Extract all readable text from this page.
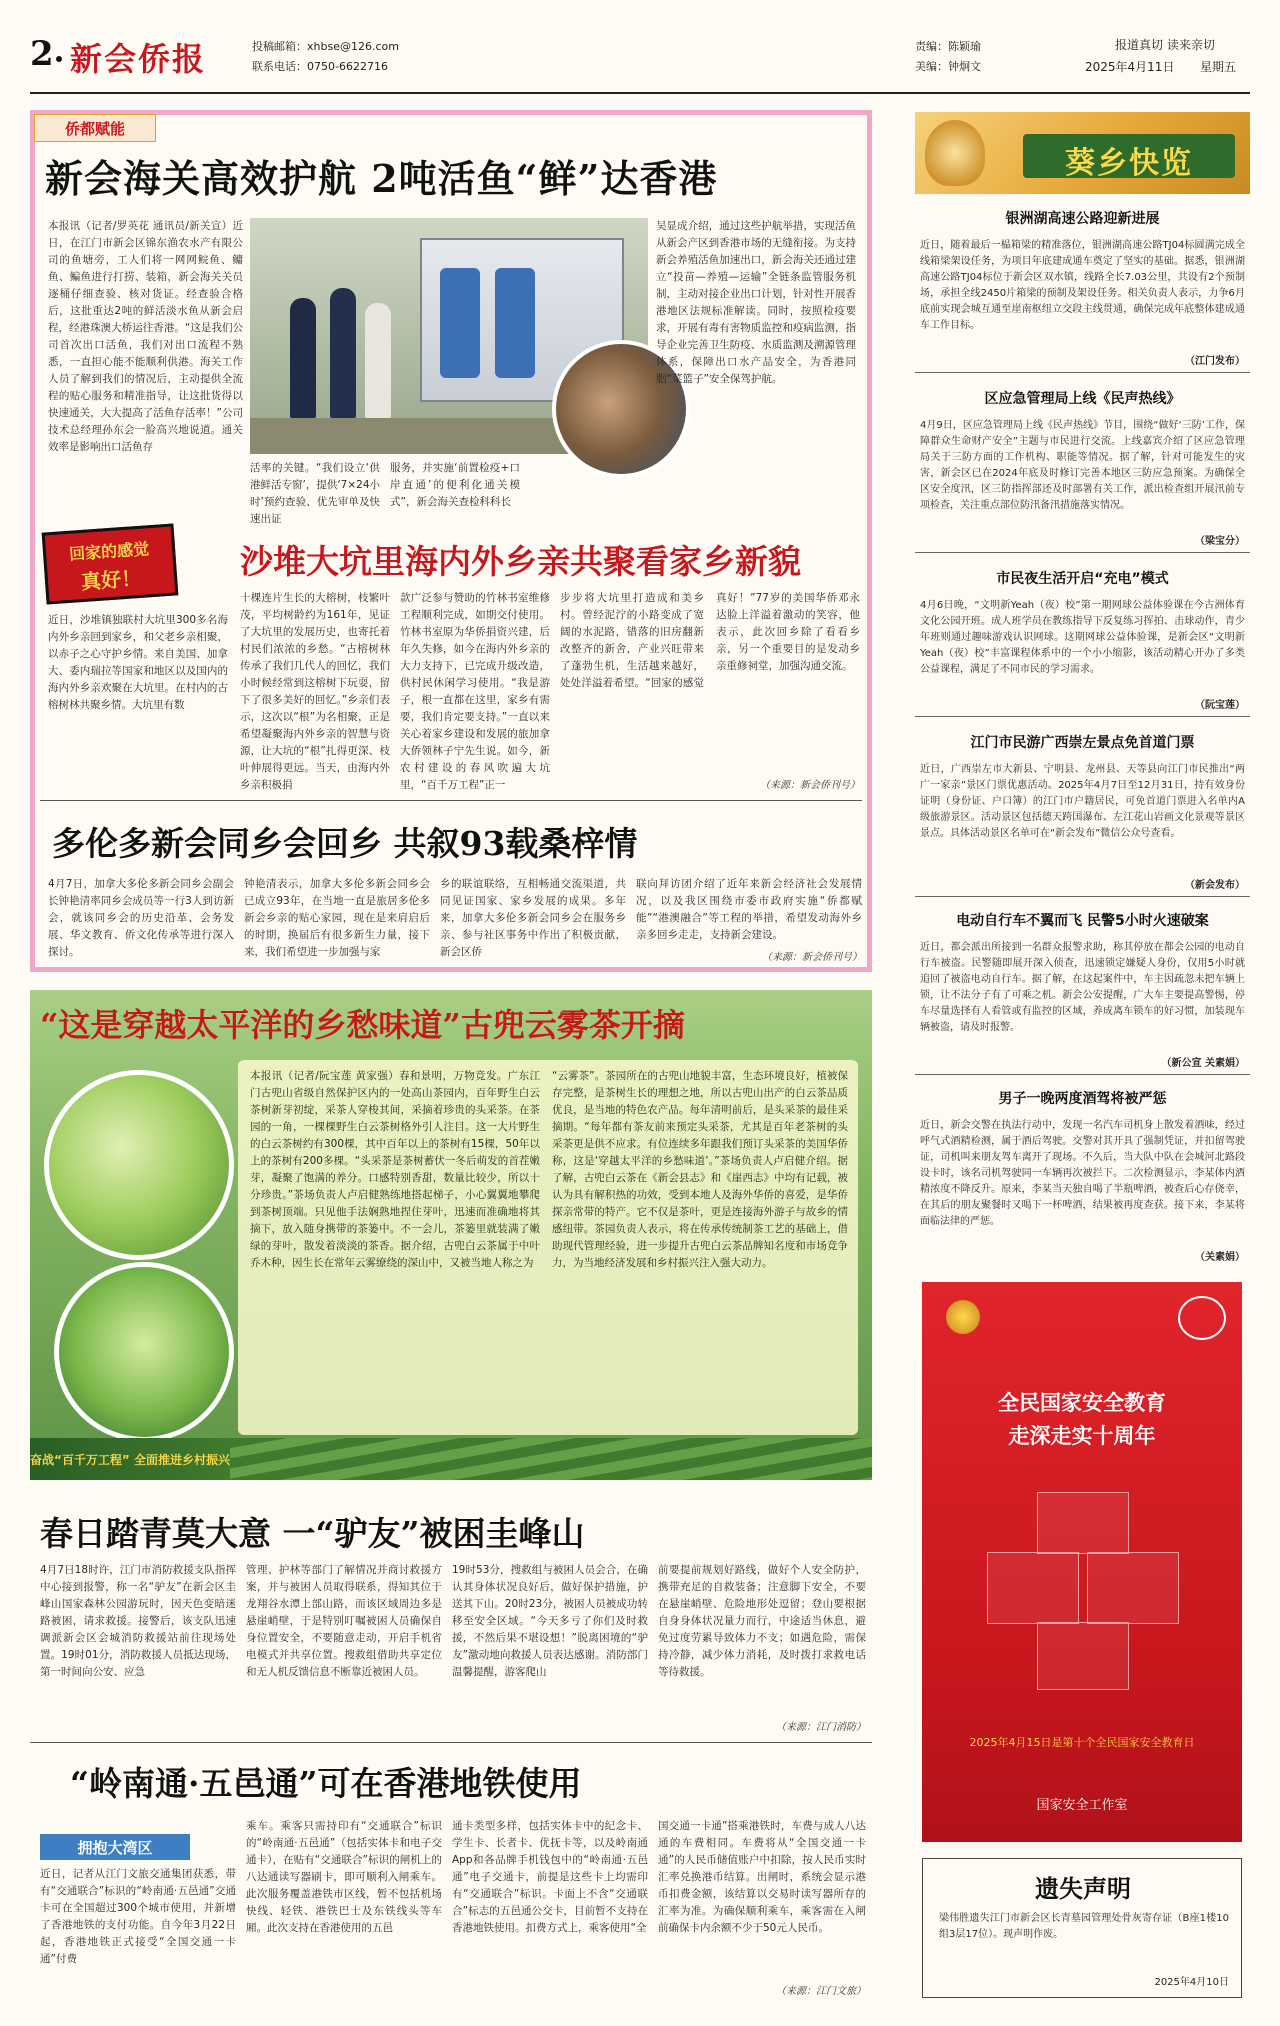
2 新会侨报	投稿邮箱：xhbse@126.com
联系电话：0750-6622716
责编：陈颖瑜
美编：钟炯文
报道真切 读来亲切
2025年4月11日 星期五
侨都赋能
新会海关高效护航 2吨活鱼“鲜”达香港
本报讯（记者/罗英花 通讯员/新关宣）近日，在江门市新会区锦东渔农水产有限公司的鱼塘旁，工人们将一网网鲩鱼、鳙鱼、鳊鱼进行打捞、装箱，新会海关关员逐桶仔细查验、核对货证。经查验合格后，这批重达2吨的鲜活淡水鱼从新会启程，经港珠澳大桥运往香港。“这是我们公司首次出口活鱼，我们对出口流程不熟悉，一直担心能不能顺利供港。海关工作人员了解到我们的情况后，主动提供全流程的贴心服务和精准指导，让这批货得以快速通关，大大提高了活鱼存活率！”公司技术总经理孙东会一脸高兴地说道。通关效率是影响出口活鱼存
活率的关键。“我们设立‘供港鲜活专窗’，提供‘7×24小时’预约查验、优先审单及快速出证
服务，并实施‘前置检疫+口岸直通’的便利化通关模式”，新会海关查检科科长
吴显成介绍，通过这些护航举措，实现活鱼从新会产区到香港市场的无缝衔接。为支持新会养殖活鱼加速出口，新会海关还通过建立“投苗—养殖—运输”全链条监管服务机制，主动对接企业出口计划，针对性开展香港地区法规标准解读。同时，按照检疫要求，开展有毒有害物质监控和疫病监测，指导企业完善卫生防疫、水质监测及溯源管理体系，保障出口水产品安全，为香港同胞“菜篮子”安全保驾护航。
回家的感觉
真好！	沙堆大坑里海内外乡亲共聚看家乡新貌
近日，沙堆镇独联村大坑里300多名海内外乡亲回到家乡，和父老乡亲相聚，以赤子之心守护乡情。来自美国、加拿大、委内瑞拉等国家和地区以及国内的海内外乡亲欢聚在大坑里。在村内的古榕树林共聚乡情。大坑里有数
十棵连片生长的大榕树，枝繁叶茂，平均树龄约为161年，见证了大坑里的发展历史，也寄托着村民们浓浓的乡愁。“古榕树林传承了我们几代人的回忆，我们小时候经常到这榕树下玩耍，留下了很多美好的回忆。”乡亲们表示，这次以“根”为名相聚，正是希望凝聚海内外乡亲的智慧与资源，让大坑的“根”扎得更深、枝叶伸展得更远。当天，由海内外乡亲积极捐
款广泛参与赞助的竹林书室维修工程顺利完成，如期交付使用。竹林书室原为华侨捐资兴建，后年久失修，如今在海内外乡亲的大力支持下，已完成升级改造，供村民休闲学习使用。“我是游子，根一直都在这里，家乡有需要，我们肯定要支持。”一直以来关心着家乡建设和发展的旅加拿大侨领林子宁先生说。如今，新农村建设的春风吹遍大坑里，“百千万工程”正一
步步将大坑里打造成和美乡村。曾经泥泞的小路变成了宽阔的水泥路，错落的旧房翻新改整齐的新舍，产业兴旺带来了蓬勃生机，生活越来越好，处处洋溢着希望。“回家的感觉真好！”77岁的美国华侨邓永达脸上洋溢着激动的笑容，他表示，此次回乡除了看看乡亲，另一个重要目的是发动乡亲重修祠堂，加强沟通交流。
（来源：新会侨刊号）
多伦多新会同乡会回乡 共叙93载桑梓情
4月7日，加拿大多伦多新会同乡会副会长钟艳清率同乡会成员等一行3人到访新会，就该同乡会的历史沿革、会务发展、华文教育、侨文化传承等进行深入探讨。
钟艳清表示，加拿大多伦多新会同乡会已成立93年，在当地一直是旅居多伦多新会乡亲的贴心家园，现在是来肩启后的时期，换届后有很多新生力量，接下来，我们希望进一步加强与家
乡的联谊联络，互相畅通交流渠道，共同见证国家、家乡发展的成果。多年来，加拿大多伦多新会同乡会在服务乡亲、参与社区事务中作出了积极贡献，新会区侨
联向拜访团介绍了近年来新会经济社会发展情况，以及我区围绕市委市政府实施“侨都赋能”“港澳融合”等工程的举措，希望发动海外乡亲多回乡走走，支持新会建设。
（来源：新会侨刊号）
“这是穿越太平洋的乡愁味道”古兜云雾茶开摘
本报讯（记者/阮宝莲 黄家强）春和景明，万物竞发。广东江门古兜山省级自然保护区内的一处高山茶园内，百年野生白云茶树新芽初绽，采茶人穿梭其间，采摘着珍贵的头采茶。在茶园的一角，一棵棵野生白云茶树格外引人注目。这一大片野生的白云茶树约有300棵，其中百年以上的茶树有15棵，50年以上的茶树有200多棵。“头采茶是茶树蓄伏一冬后萌发的首茬嫩芽，凝聚了饱满的养分。口感特别香甜，数量比较少，所以十分珍贵。”茶场负责人卢启健熟练地搭起梯子，小心翼翼地攀爬到茶树顶端。只见他手法娴熟地捏住芽叶，迅速而准确地将其摘下，放入随身携带的茶篓中。不一会儿，茶篓里就装满了嫩绿的芽叶，散发着淡淡的茶香。据介绍，古兜白云茶属于中叶乔木种，因生长在常年云雾缭绕的深山中，又被当地人称之为
“云雾茶”。茶园所在的古兜山地貌丰富，生态环境良好，植被保存完整，是茶树生长的理想之地，所以古兜山出产的白云茶品质优良，是当地的特色农产品。每年清明前后，是头采茶的最佳采摘期。“每年都有茶友前来预定头采茶，尤其是百年老茶树的头采茶更是供不应求。有位连续多年跟我们预订头采茶的美国华侨称，这是‘穿越太平洋的乡愁味道’。”茶场负责人卢启健介绍。据了解，古兜白云茶在《新会县志》和《崖西志》中均有记载，被认为具有解积热的功效，受到本地人及海外华侨的喜爱，是华侨探亲常带的特产。它不仅是茶叶，更是连接海外游子与故乡的情感纽带。茶园负责人表示，将在传承传统制茶工艺的基础上，借助现代管理经验，进一步提升古兜白云茶品牌知名度和市场竞争力，为当地经济发展和乡村振兴注入强大动力。
奋战“百千万工程” 全面推进乡村振兴
春日踏青莫大意 一“驴友”被困圭峰山
4月7日18时许，江门市消防救援支队指挥中心接到报警，称一名“驴友”在新会区圭峰山国家森林公园游玩时，因天色变暗迷路被困，请求救援。接警后，该支队迅速调派新会区会城消防救援站前往现场处置。19时01分，消防救援人员抵达现场，第一时间向公安、应急
管理、护林等部门了解情况并商讨救援方案，并与被困人员取得联系，得知其位于龙翔谷水潭上部山路，而该区域周边多是悬崖峭壁，于是特别叮嘱被困人员确保自身位置安全，不要随意走动，开启手机省电模式并共享位置。搜救组借助共享定位和无人机反馈信息不断靠近被困人员。
19时53分，搜救组与被困人员会合，在确认其身体状况良好后，做好保护措施，护送其下山。20时23分，被困人员被成功转移至安全区域。“今天多亏了你们及时救援，不然后果不堪设想！”脱离困境的“驴友”激动地向救援人员表达感谢。消防部门温馨提醒，游客爬山
前要提前规划好路线，做好个人安全防护，携带充足的自救装备；注意脚下安全，不要在悬崖峭壁、危险地形处逗留；登山要根据自身身体状况量力而行，中途适当休息，避免过度劳累导致体力不支；如遇危险，需保持冷静，减少体力消耗，及时拨打求救电话等待救援。
（来源：江门消防）
“岭南通·五邑通”可在香港地铁使用
拥抱大湾区
近日，记者从江门文旅交通集团获悉，带有“交通联合”标识的“岭南通·五邑通”交通卡可在全国超过300个城市使用，并新增了香港地铁的支付功能。自今年3月22日起，香港地铁正式接受“全国交通一卡通”付费
乘车。乘客只需持印有“交通联合”标识的“岭南通·五邑通”（包括实体卡和电子交通卡），在贴有“交通联合”标识的闸机上的八达通读写器刷卡，即可顺利入闸乘车。此次服务覆盖港铁市区线，暂不包括机场快线、轻铁、港铁巴士及东铁线头等车厢。此次支持在香港使用的五邑
通卡类型多样，包括实体卡中的纪念卡、学生卡、长者卡、优抚卡等，以及岭南通App和各品牌手机钱包中的“岭南通·五邑通”电子交通卡，前提是这些卡上均需印有“交通联合”标识。卡面上不含“交通联合”标志的五邑通公交卡，目前暂不支持在香港地铁使用。扣费方式上，乘客使用“全
国交通一卡通”搭乘港铁时，车费与成人八达通的车费相同。车费将从“全国交通一卡通”的人民币储值账户中扣除，按人民币实时汇率兑换港币结算。出闸时，系统会显示港币扣费金额，该结算以交易时读写器所存的汇率为准。为确保顺利乘车，乘客需在入闸前确保卡内余额不少于50元人民币。
（来源：江门文旅）
葵乡快览
银洲湖高速公路迎新进展
近日，随着最后一榀箱梁的精准落位，银洲湖高速公路TJ04标圆满完成全线箱梁架设任务，为项目年底建成通车奠定了坚实的基础。据悉，银洲湖高速公路TJ04标位于新会区双水镇，线路全长7.03公里，共设有2个预制场，承担全线2450片箱梁的预制及架设任务。相关负责人表示，力争6月底前实现会城互通至崖南枢纽立交段主线贯通，确保完成年底整体建成通车工作目标。
（江门发布）
区应急管理局上线《民声热线》
4月9日，区应急管理局上线《民声热线》节目，围绕“做好‘三防’工作，保障群众生命财产安全”主题与市民进行交流。上线嘉宾介绍了区应急管理局关于三防方面的工作机构、职能等情况。据了解，针对可能发生的灾害，新会区已在2024年底及时修订完善本地区三防应急预案。为确保全区安全度汛，区三防指挥部还及时部署有关工作，派出检查组开展汛前专项检查，关注重点部位防汛备汛措施落实情况。
（梁宝分）
市民夜生活开启“充电”模式
4月6日晚，“文明新Yeah（夜）校”第一期网球公益体验课在今古洲体育文化公园开班。成人班学员在教练指导下反复练习挥拍、击球动作，青少年班则通过趣味游戏认识网球。这期网球公益体验课，是新会区“文明新Yeah（夜）校”丰富课程体系中的一个小小缩影，该活动精心开办了多类公益课程，满足了不同市民的学习需求。
（阮宝莲）
江门市民游广西崇左景点免首道门票
近日，广西崇左市大新县、宁明县、龙州县、天等县向江门市民推出“两广一家亲”景区门票优惠活动。2025年4月7日至12月31日，持有效身份证明（身份证、户口簿）的江门市户籍居民，可免首道门票进入名单内A级旅游景区。活动景区包括德天跨国瀑布、左江花山岩画文化景观等景区景点。具体活动景区名单可在“新会发布”微信公众号查看。
（新会发布）
电动自行车不翼而飞 民警5小时火速破案
近日，都会派出所接到一名群众报警求助，称其停放在都会公园的电动自行车被盗。民警随即展开深入侦查，迅速锁定嫌疑人身份，仅用5小时就追回了被盗电动自行车。据了解，在这起案件中，车主因疏忽未把车辆上锁，让不法分子有了可乘之机。新会公安提醒，广大车主要提高警惕，停车尽量选择有人看管或有监控的区域，养成离车锁车的好习惯，加装现车辆被盗，请及时报警。
（新公宣 关素娟）
男子一晚两度酒驾将被严惩
近日，新会交警在执法行动中，发现一名汽车司机身上散发着酒味，经过呼气式酒精检测，属于酒后驾驶。交警对其开具了强制凭证，并扣留驾驶证，司机叫来朋友驾车离开了现场。不久后，当大队中队在会城河北路段设卡时，该名司机驾驶同一车辆再次被拦下。二次检测显示，李某体内酒精浓度不降反升。原来，李某当天独自喝了半瓶啤酒，被查后心存侥幸，在其后的朋友聚餐时又喝下一杯啤酒，结果被再度查获。接下来，李某将面临法律的严惩。
（关素娟）
全民国家安全教育
走深走实十周年
2025年4月15日是第十个全民国家安全教育日
国家安全工作室
遗失声明
梁伟胜遗失江门市新会区长青墓园管理处骨灰寄存证（B座1楼10组3层17位）。现声明作废。
2025年4月10日
